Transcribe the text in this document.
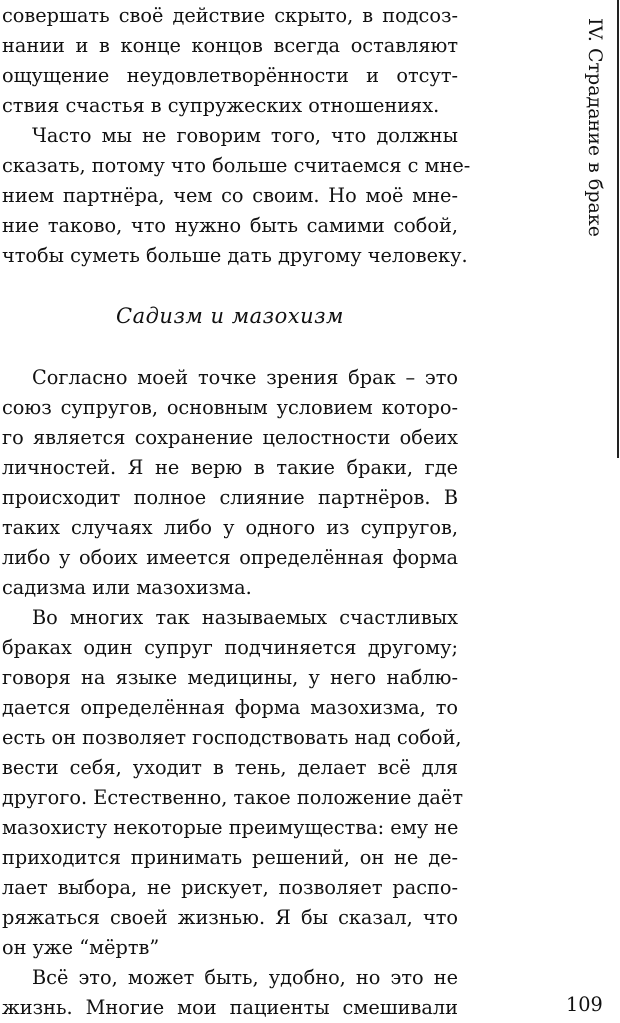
совершать своё действие скрыто, в подсоз-
нании и в конце концов всегда оставляют
ощущение неудовлетворённости и отсут-
ствия счастья в супружеских отношениях.
Часто мы не говорим того, что должны
сказать, потому что больше считаемся с мне-
нием партнёра, чем со своим. Но моё мне-
ние таково, что нужно быть самими собой,
чтобы суметь больше дать другому человеку.
Садизм и мазохизм
Согласно моей точке зрения брак – это
союз супругов, основным условием которо-
го является сохранение целостности обеих
личностей. Я не верю в такие браки, где
происходит полное слияние партнёров. В
таких случаях либо у одного из супругов,
либо у обоих имеется определённая форма
садизма или мазохизма.
Во многих так называемых счастливых
браках один супруг подчиняется другому;
говоря на языке медицины, у него наблю-
дается определённая форма мазохизма, то
есть он позволяет господствовать над собой,
вести себя, уходит в тень, делает всё для
другого. Естественно, такое положение даёт
мазохисту некоторые преимущества: ему не
приходится принимать решений, он не де-
лает выбора, не рискует, позволяет распо-
ряжаться своей жизнью. Я бы сказал, что
он уже “мёртв”
Всё это, может быть, удобно, но это не
жизнь. Многие мои пациенты смешивали
IV. Страдание в браке
109
